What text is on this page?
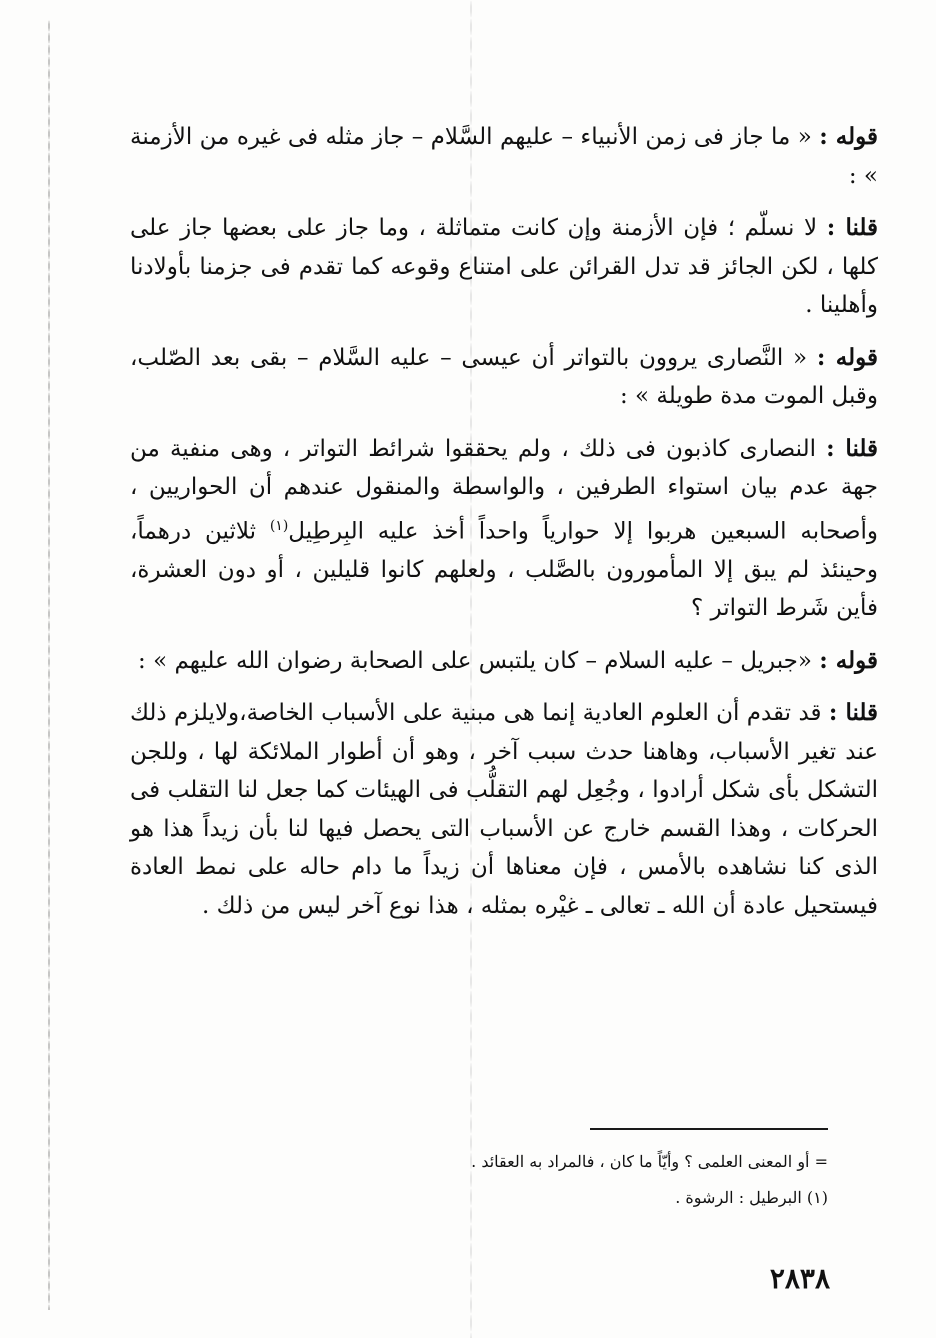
قوله : « ما جاز فى زمن الأنبياء – عليهم السَّلام – جاز مثله فى غيره من الأزمنة » :

قلنا : لا نسلّم ؛ فإن الأزمنة وإن كانت متماثلة ، وما جاز على بعضها جاز على كلها ، لكن الجائز قد تدل القرائن على امتناع وقوعه كما تقدم فى جزمنا بأولادنا وأهلينا .

قوله : « النَّصارى يروون بالتواتر أن عيسى – عليه السَّلام – بقى بعد الصّلب، وقبل الموت مدة طويلة » :

قلنا : النصارى كاذبون فى ذلك ، ولم يحققوا شرائط التواتر ، وهى منفية من جهة عدم بيان استواء الطرفين ، والواسطة والمنقول عندهم أن الحواريين ، وأصحابه السبعين هربوا إلا حوارياً واحداً أخذ عليه البِرطِيل$^{(١)}$ ثلاثين درهماً، وحينئذ لم يبق إلا المأمورون بالصَّلب ، ولعلهم كانوا قليلين ، أو دون العشرة، فأين شَرط التواتر ؟

قوله : «جبريل – عليه السلام – كان يلتبس على الصحابة رضوان الله عليهم » :

قلنا : قد تقدم أن العلوم العادية إنما هى مبنية على الأسباب الخاصة،ولايلزم ذلك عند تغير الأسباب، وهاهنا حدث سبب آخر ، وهو أن أطوار الملائكة لها ، وللجن التشكل بأى شكل أرادوا ، وجُعِل لهم التقلُّب فى الهيئات كما جعل لنا التقلب فى الحركات ، وهذا القسم خارج عن الأسباب التى يحصل فيها لنا بأن زيداً هذا هو الذى كنا نشاهده بالأمس ، فإن معناها أن زيداً ما دام حاله على نمط العادة فيستحيل عادة أن الله ـ تعالى ـ غيْره بمثله ، هذا نوع آخر ليس من ذلك .

= أو المعنى العلمى ؟ وأيّاً ما كان ، فالمراد به العقائد .
(١) البرطيل : الرشوة .
٢٨٣٨
